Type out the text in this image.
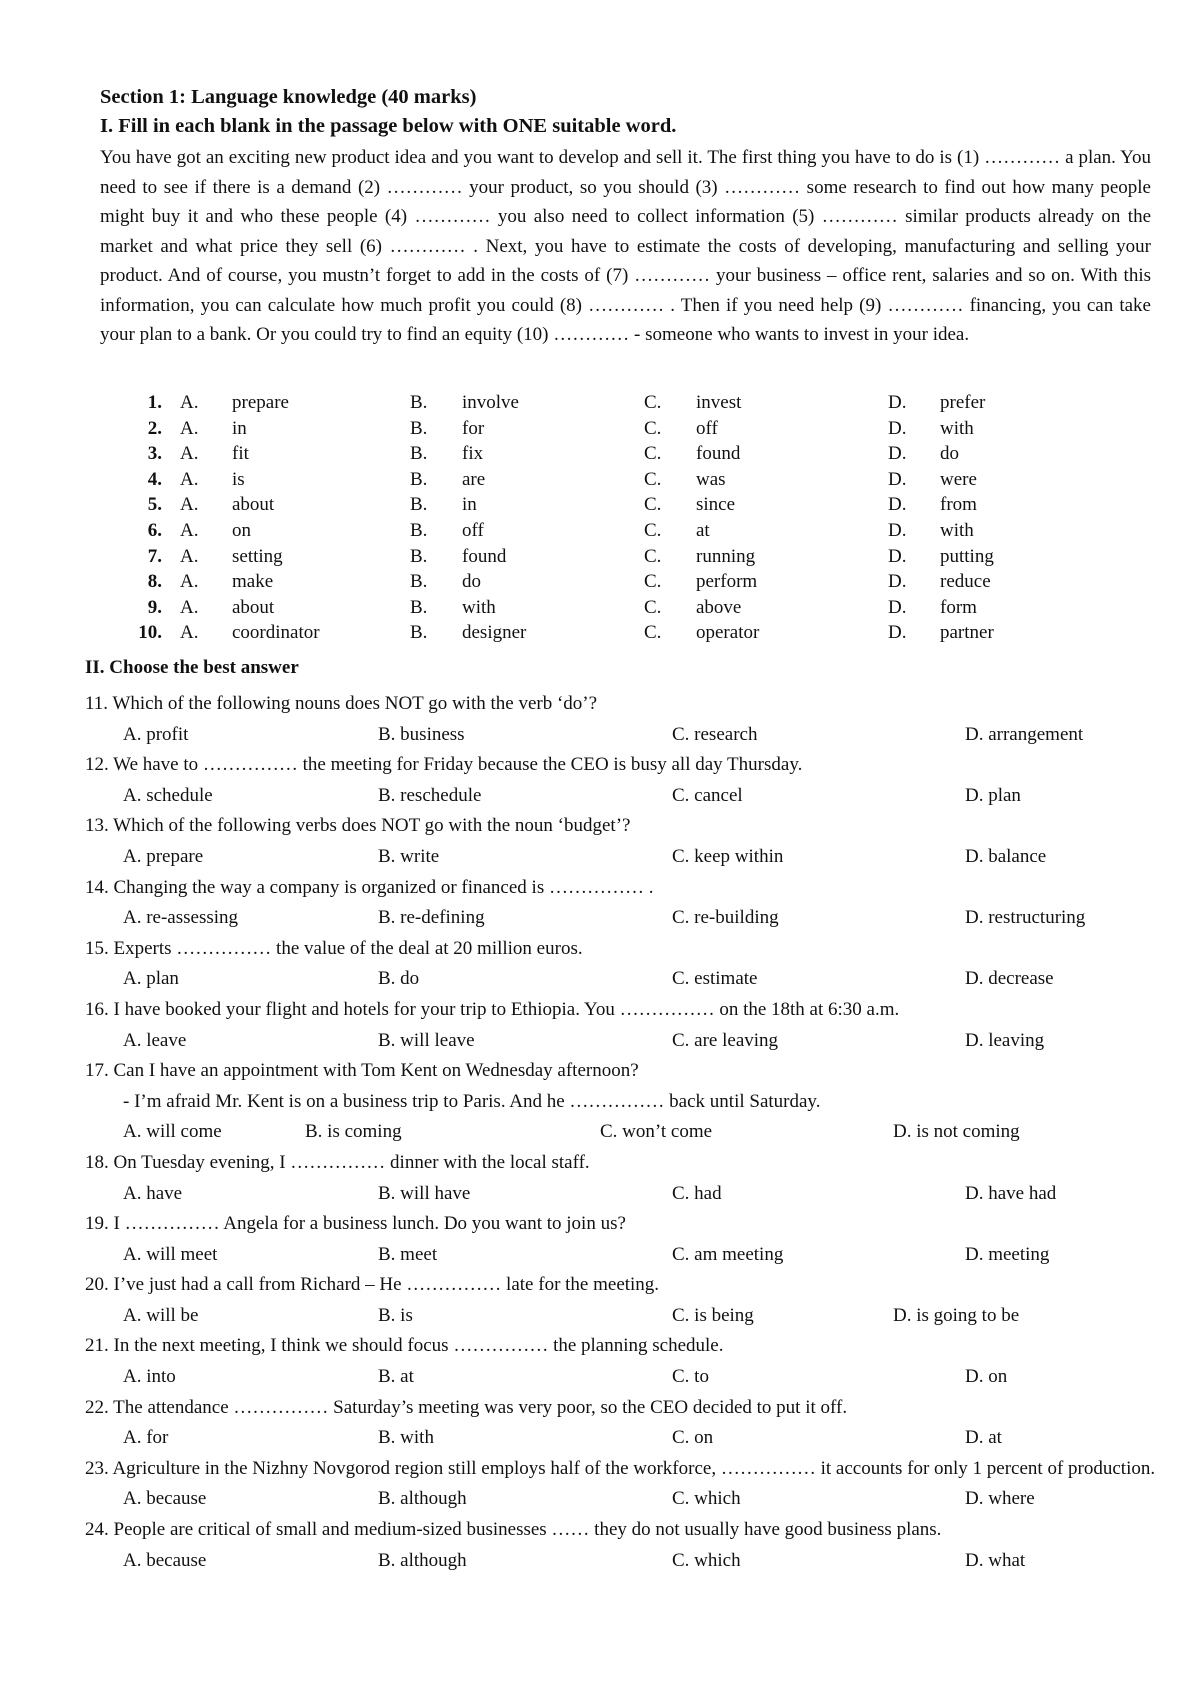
Section 1: Language knowledge (40 marks)
I. Fill in each blank in the passage below with ONE suitable word.

You have got an exciting new product idea and you want to develop and sell it. The first thing you have to do is (1) ………… a plan. You need to see if there is a demand (2) ………… your product, so you should (3) ………… some research to find out how many people might buy it and who these people (4) ………… you also need to collect information (5) ………… similar products already on the market and what price they sell (6) ………… . Next, you have to estimate the costs of developing, manufacturing and selling your product. And of course, you mustn’t forget to add in the costs of (7) ………… your business – office rent, salaries and so on. With this information, you can calculate how much profit you could (8) ………… . Then if you need help (9) ………… financing, you can take your plan to a bank. Or you could try to find an equity (10) ………… - someone who wants to invest in your idea.

1.	A.	prepare	B.	involve	C.	invest	D.	prefer
2.	A.	in	B.	for	C.	off	D.	with
3.	A.	fit	B.	fix	C.	found	D.	do
4.	A.	is	B.	are	C.	was	D.	were
5.	A.	about	B.	in	C.	since	D.	from
6.	A.	on	B.	off	C.	at	D.	with
7.	A.	setting	B.	found	C.	running	D.	putting
8.	A.	make	B.	do	C.	perform	D.	reduce
9.	A.	about	B.	with	C.	above	D.	form
10.	A.	coordinator	B.	designer	C.	operator	D.	partner
II. Choose the best answer
11. Which of the following nouns does NOT go with the verb ‘do’?
A. profit	B. business	C. research	D. arrangement
12. We have to …………… the meeting for Friday because the CEO is busy all day Thursday.
A. schedule	B. reschedule	C. cancel	D. plan
13. Which of the following verbs does NOT go with the noun ‘budget’?
A. prepare	B. write	C. keep within	D. balance
14. Changing the way a company is organized or financed is …………… .
A. re-assessing	B. re-defining	C. re-building	D. restructuring
15. Experts …………… the value of the deal at 20 million euros.
A. plan	B. do	C. estimate	D. decrease
16. I have booked your flight and hotels for your trip to Ethiopia. You …………… on the 18th at 6:30 a.m.
A. leave	B. will leave	C. are leaving	D. leaving
17. Can I have an appointment with Tom Kent on Wednesday afternoon?
- I’m afraid Mr. Kent is on a business trip to Paris. And he …………… back until Saturday.
A. will come	B. is coming	C. won’t come	D. is not coming
18. On Tuesday evening, I …………… dinner with the local staff.
A. have	B. will have	C. had	D. have had
19. I …………… Angela for a business lunch. Do you want to join us?
A. will meet	B. meet	C. am meeting	D. meeting
20. I’ve just had a call from Richard – He …………… late for the meeting.
A. will be	B. is	C. is being	D. is going to be
21. In the next meeting, I think we should focus …………… the planning schedule.
A. into	B. at	C. to	D. on
22. The attendance …………… Saturday’s meeting was very poor, so the CEO decided to put it off.
A. for	B. with	C. on	D. at
23. Agriculture in the Nizhny Novgorod region still employs half of the workforce, …………… it accounts for only 1 percent of production.
A. because	B. although	C. which	D. where
24. People are critical of small and medium-sized businesses …… they do not usually have good business plans.
A. because	B. although	C. which	D. what
